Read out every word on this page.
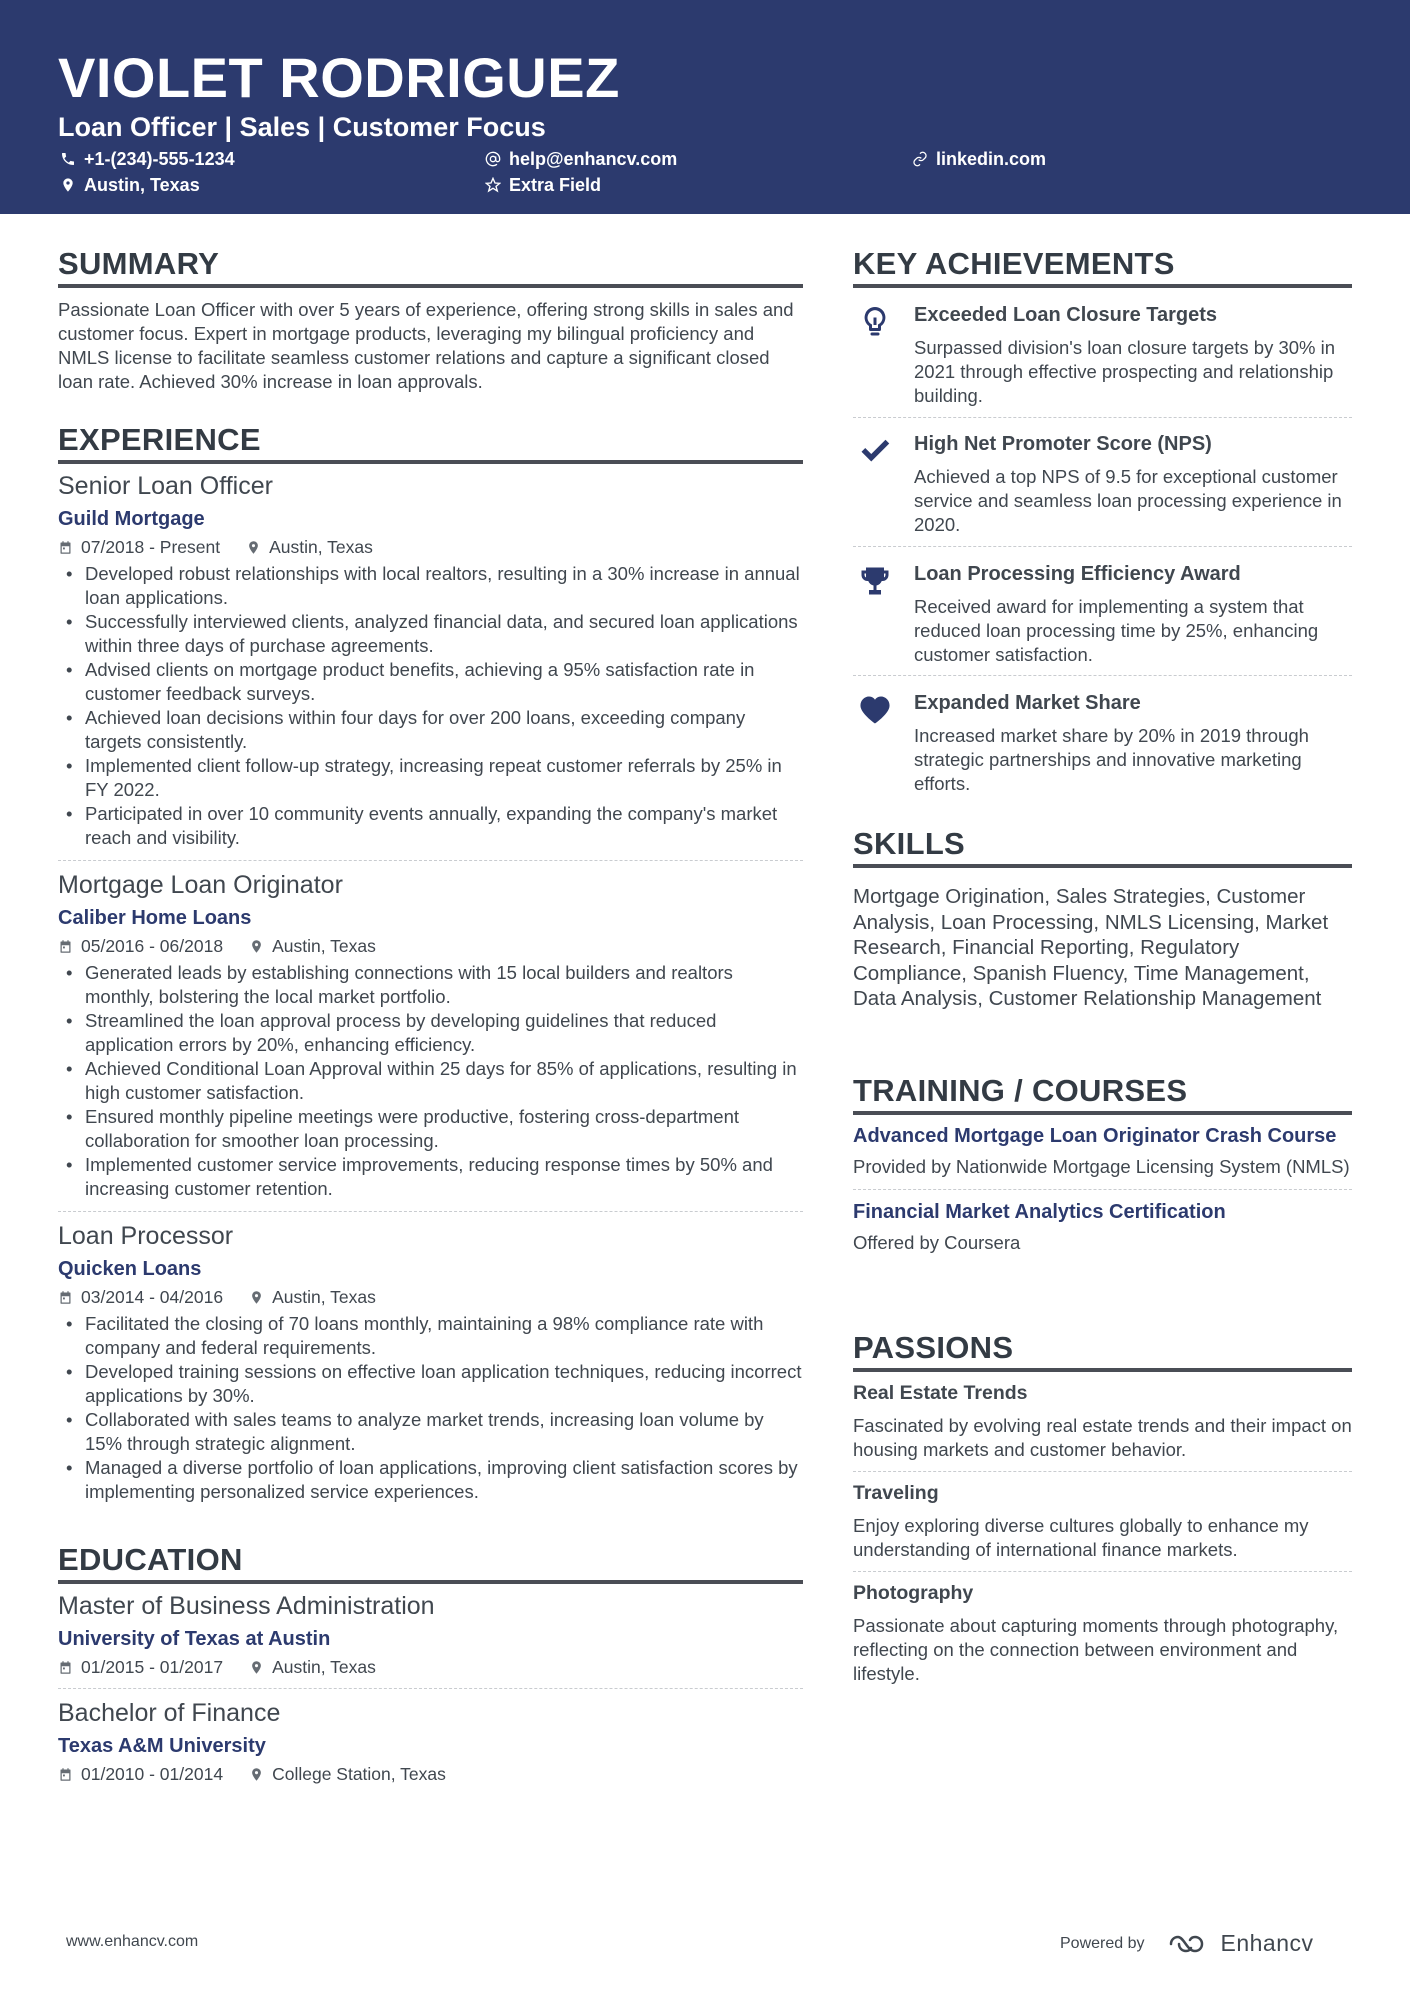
VIOLET RODRIGUEZ
Loan Officer | Sales | Customer Focus
+1-(234)-555-1234	help@enhancv.com	linkedin.com
Austin, Texas	Extra Field
SUMMARY

Passionate Loan Officer with over 5 years of experience, offering strong skills in sales and customer focus. Expert in mortgage products, leveraging my bilingual proficiency and NMLS license to facilitate seamless customer relations and capture a significant closed loan rate. Achieved 30% increase in loan approvals.

EXPERIENCE
Senior Loan Officer
Guild Mortgage
07/2018 - Present	Austin, Texas
• Developed robust relationships with local realtors, resulting in a 30% increase in annual loan applications.
• Successfully interviewed clients, analyzed financial data, and secured loan applications within three days of purchase agreements.
• Advised clients on mortgage product benefits, achieving a 95% satisfaction rate in customer feedback surveys.
• Achieved loan decisions within four days for over 200 loans, exceeding company targets consistently.
• Implemented client follow-up strategy, increasing repeat customer referrals by 25% in FY 2022.
• Participated in over 10 community events annually, expanding the company's market reach and visibility.
Mortgage Loan Originator
Caliber Home Loans
05/2016 - 06/2018	Austin, Texas
• Generated leads by establishing connections with 15 local builders and realtors monthly, bolstering the local market portfolio.
• Streamlined the loan approval process by developing guidelines that reduced application errors by 20%, enhancing efficiency.
• Achieved Conditional Loan Approval within 25 days for 85% of applications, resulting in high customer satisfaction.
• Ensured monthly pipeline meetings were productive, fostering cross-department collaboration for smoother loan processing.
• Implemented customer service improvements, reducing response times by 50% and increasing customer retention.
Loan Processor
Quicken Loans
03/2014 - 04/2016	Austin, Texas
• Facilitated the closing of 70 loans monthly, maintaining a 98% compliance rate with company and federal requirements.
• Developed training sessions on effective loan application techniques, reducing incorrect applications by 30%.
• Collaborated with sales teams to analyze market trends, increasing loan volume by 15% through strategic alignment.
• Managed a diverse portfolio of loan applications, improving client satisfaction scores by implementing personalized service experiences.
EDUCATION
Master of Business Administration
University of Texas at Austin
01/2015 - 01/2017	Austin, Texas
Bachelor of Finance
Texas A&M University
01/2010 - 01/2014	College Station, Texas
KEY ACHIEVEMENTS
Exceeded Loan Closure Targets
Surpassed division's loan closure targets by 30% in 2021 through effective prospecting and relationship building.
High Net Promoter Score (NPS)
Achieved a top NPS of 9.5 for exceptional customer service and seamless loan processing experience in 2020.
Loan Processing Efficiency Award
Received award for implementing a system that reduced loan processing time by 25%, enhancing customer satisfaction.
Expanded Market Share
Increased market share by 20% in 2019 through strategic partnerships and innovative marketing efforts.
SKILLS

Mortgage Origination, Sales Strategies, Customer Analysis, Loan Processing, NMLS Licensing, Market Research, Financial Reporting, Regulatory Compliance, Spanish Fluency, Time Management, Data Analysis, Customer Relationship Management

TRAINING / COURSES
Advanced Mortgage Loan Originator Crash Course
Provided by Nationwide Mortgage Licensing System (NMLS)
Financial Market Analytics Certification
Offered by Coursera
PASSIONS
Real Estate Trends
Fascinated by evolving real estate trends and their impact on housing markets and customer behavior.
Traveling
Enjoy exploring diverse cultures globally to enhance my understanding of international finance markets.
Photography
Passionate about capturing moments through photography, reflecting on the connection between environment and lifestyle.
www.enhancv.com	Powered by	Enhancv
